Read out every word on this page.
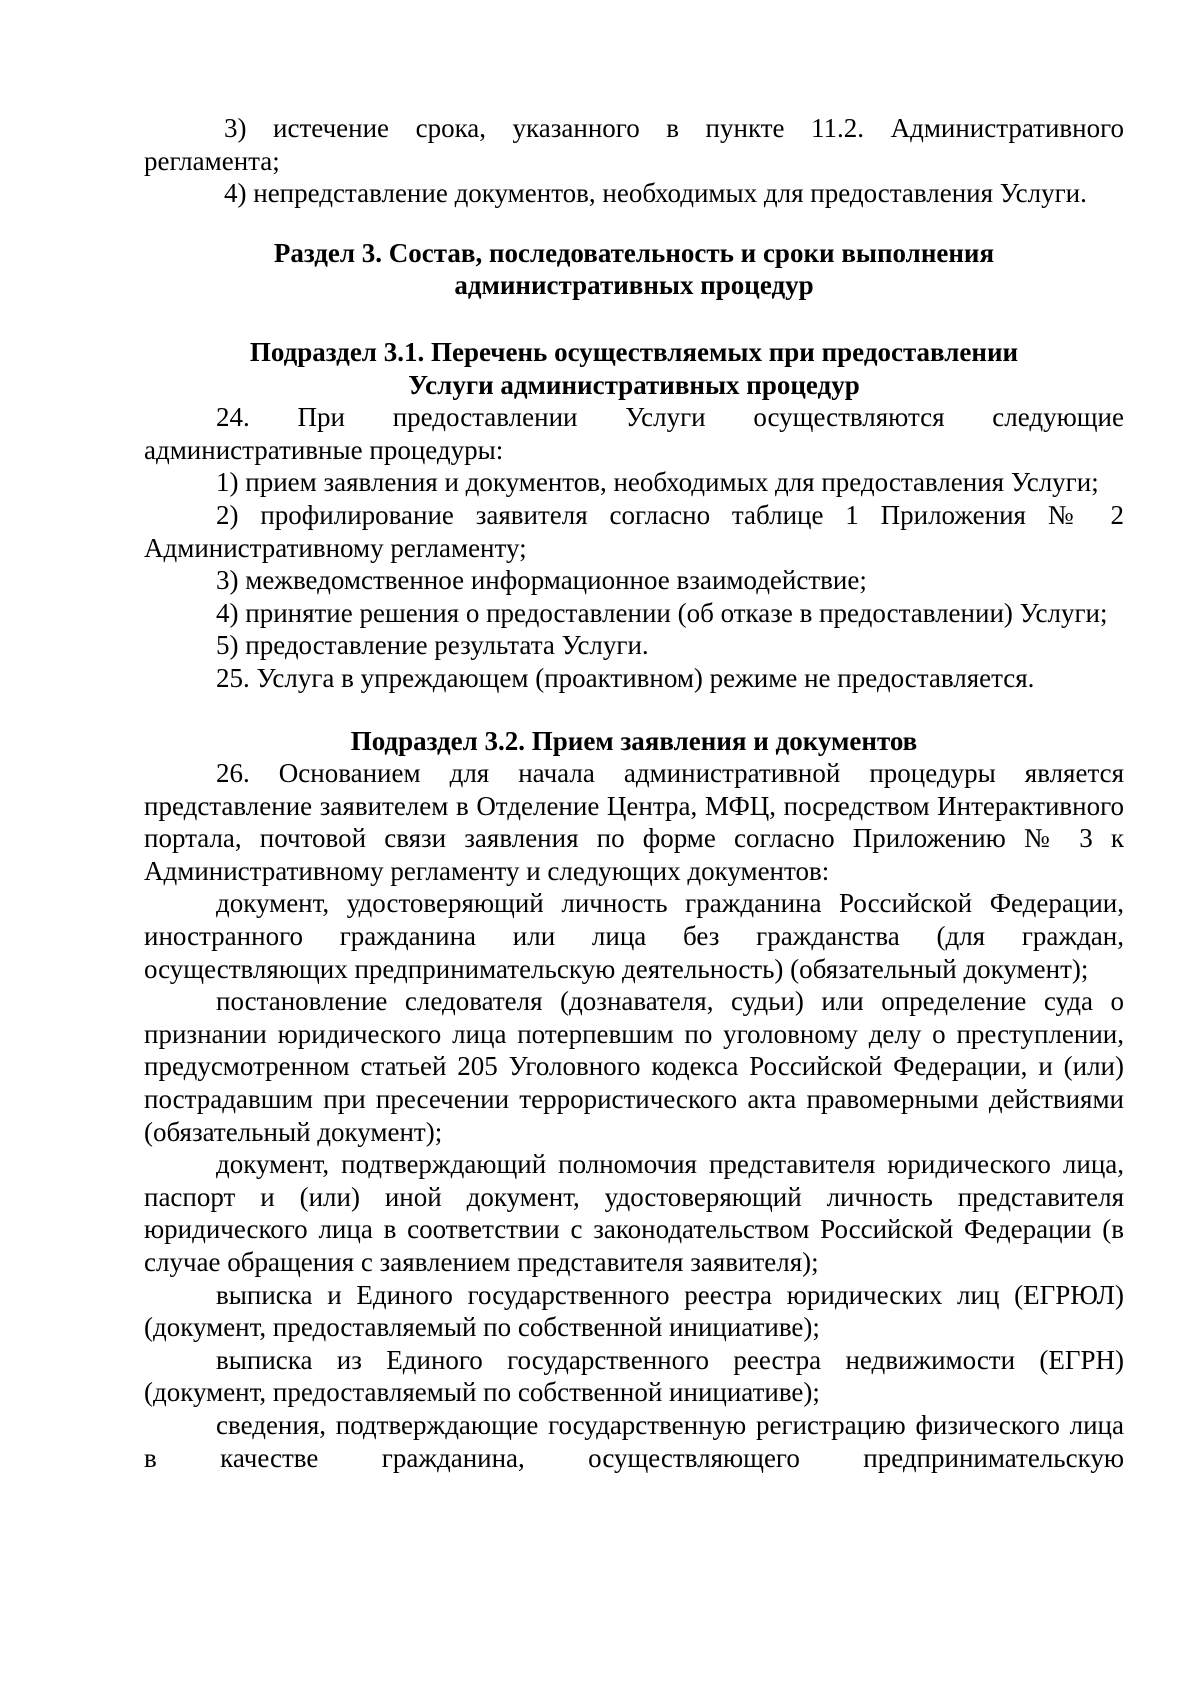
3) истечение срока, указанного в пункте 11.2. Административного регламента;

4) непредставление документов, необходимых для предоставления Услуги.

Раздел 3. Состав, последовательность и сроки выполнения

административных процедур

Подраздел 3.1. Перечень осуществляемых при предоставлении

Услуги административных процедур

24. При предоставлении Услуги осуществляются следующие административные процедуры:

1) прием заявления и документов, необходимых для предоставления Услуги;

2) профилирование заявителя согласно таблице 1 Приложения № 2 Административному регламенту;

3) межведомственное информационное взаимодействие;

4) принятие решения о предоставлении (об отказе в предоставлении) Услуги;

5) предоставление результата Услуги.

25. Услуга в упреждающем (проактивном) режиме не предоставляется.

Подраздел 3.2. Прием заявления и документов

26. Основанием для начала административной процедуры является представление заявителем в Отделение Центра, МФЦ, посредством Интерактивного портала, почтовой связи заявления по форме согласно Приложению № 3 к Административному регламенту и следующих документов:

документ, удостоверяющий личность гражданина Российской Федерации, иностранного гражданина или лица без гражданства (для граждан, осуществляющих предпринимательскую деятельность) (обязательный документ);

постановление следователя (дознавателя, судьи) или определение суда о признании юридического лица потерпевшим по уголовному делу о преступлении, предусмотренном статьей 205 Уголовного кодекса Российской Федерации, и (или) пострадавшим при пресечении террористического акта правомерными действиями (обязательный документ);

документ, подтверждающий полномочия представителя юридического лица, паспорт и (или) иной документ, удостоверяющий личность представителя юридического лица в соответствии с законодательством Российской Федерации (в случае обращения с заявлением представителя заявителя);

выписка и Единого государственного реестра юридических лиц (ЕГРЮЛ) (документ, предоставляемый по собственной инициативе);

выписка из Единого государственного реестра недвижимости (ЕГРН) (документ, предоставляемый по собственной инициативе);

сведения, подтверждающие государственную регистрацию физического лица в качестве гражданина, осуществляющего предпринимательскую
